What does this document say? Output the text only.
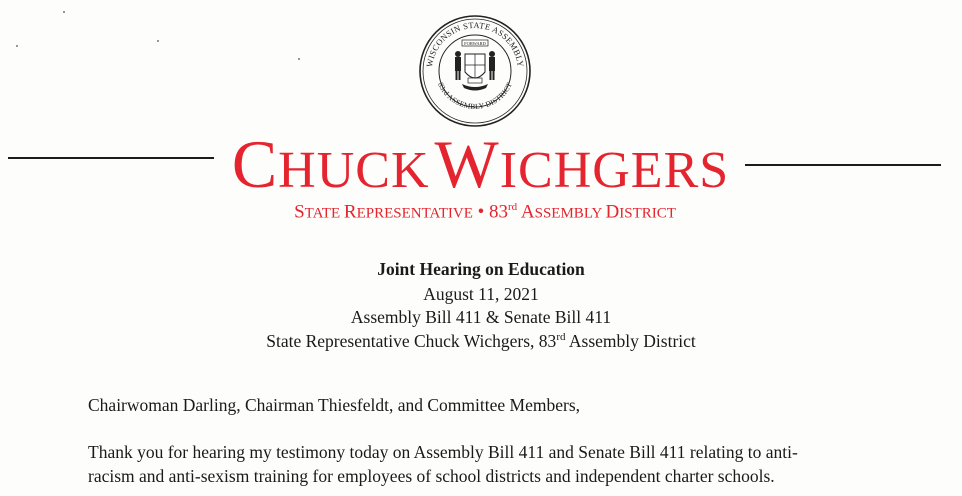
WISCONSIN STATE ASSEMBLY
83rd ASSEMBLY DISTRICT
FORWARD
CHUCK WICHGERS
STATE REPRESENTATIVE • 83rd ASSEMBLY DISTRICT
Joint Hearing on Education
August 11, 2021
Assembly Bill 411 & Senate Bill 411
State Representative Chuck Wichgers, 83rd Assembly District
Chairwoman Darling, Chairman Thiesfeldt, and Committee Members,
Thank you for hearing my testimony today on Assembly Bill 411 and Senate Bill 411 relating to anti-
racism and anti-sexism training for employees of school districts and independent charter schools.
